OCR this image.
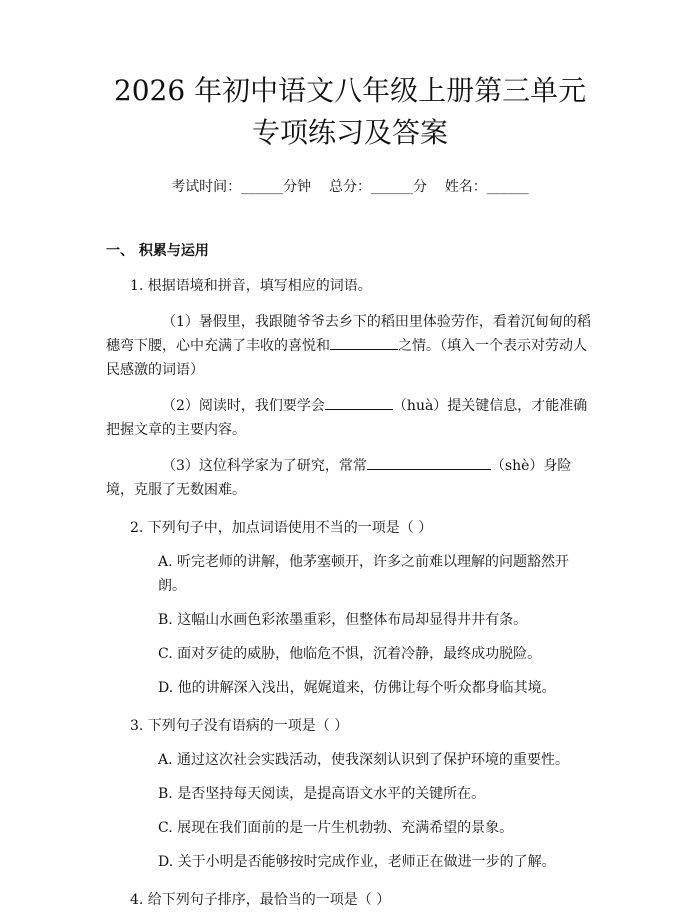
2026 年初中语文八年级上册第三单元专项练习及答案
考试时间：______分钟    总分：______分    姓名：______
一、 积累与运用
1. 根据语境和拼音，填写相应的词语。
（1）暑假里，我跟随爷爷去乡下的稻田里体验劳作，看着沉甸甸的稻穗弯下腰，心中充满了丰收的喜悦和	之情。（填入一个表示对劳动人民感激的词语）
（2）阅读时，我们要学会	（huà）提关键信息，才能准确把握文章的主要内容。
（3）这位科学家为了研究，常常	（shè）身险境，克服了无数困难。
2. 下列句子中，加点词语使用不当的一项是（ ）
A. 听完老师的讲解，他茅塞顿开，许多之前难以理解的问题豁然开朗。
B. 这幅山水画色彩浓墨重彩，但整体布局却显得井井有条。
C. 面对歹徒的威胁，他临危不惧，沉着冷静，最终成功脱险。
D. 他的讲解深入浅出，娓娓道来，仿佛让每个听众都身临其境。
3. 下列句子没有语病的一项是（ ）
A. 通过这次社会实践活动，使我深刻认识到了保护环境的重要性。
B. 是否坚持每天阅读，是提高语文水平的关键所在。
C. 展现在我们面前的是一片生机勃勃、充满希望的景象。
D. 关于小明是否能够按时完成作业，老师正在做进一步的了解。
4. 给下列句子排序，最恰当的一项是（ ）
